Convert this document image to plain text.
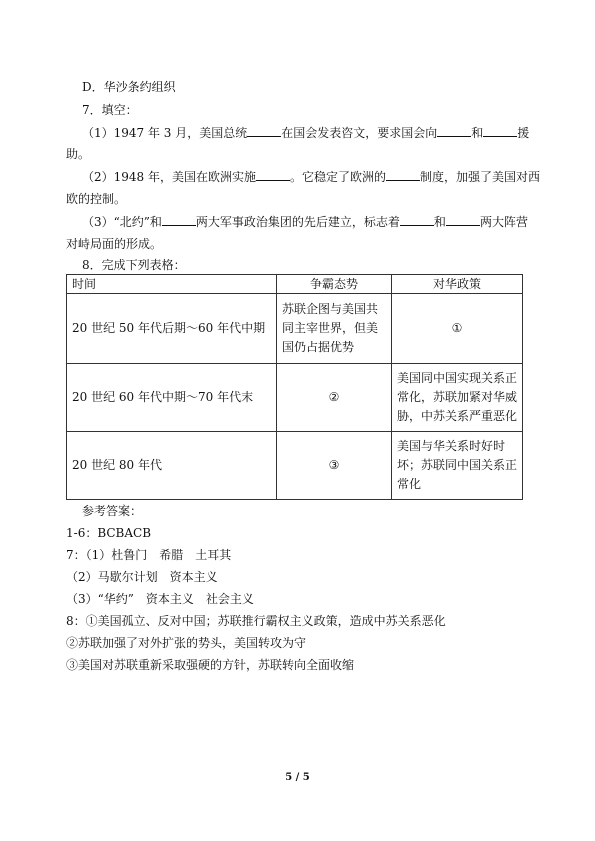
D．华沙条约组织
7．填空：
（1）1947 年 3 月，美国总统	在国会发表咨文，要求国会向	和	援
助。
（2）1948 年，美国在欧洲实施	。它稳定了欧洲的	制度，加强了美国对西
欧的控制。
（3）“北约”和	两大军事政治集团的先后建立，标志着	和	两大阵营
对峙局面的形成。
8．完成下列表格：
时间	争霸态势	对华政策
20 世纪 50 年代后期～60 年代中期	苏联企图与美国共同主宰世界，但美国仍占据优势	①
20 世纪 60 年代中期～70 年代末	②	美国同中国实现关系正常化，苏联加紧对华威胁，中苏关系严重恶化
20 世纪 80 年代	③	美国与华关系时好时坏；苏联同中国关系正常化
参考答案：
1-6：BCBACB
7：（1）杜鲁门　希腊　土耳其
（2）马歇尔计划　资本主义
（3）“华约”　资本主义　社会主义
8：①美国孤立、反对中国；苏联推行霸权主义政策，造成中苏关系恶化
②苏联加强了对外扩张的势头，美国转攻为守
③美国对苏联重新采取强硬的方针，苏联转向全面收缩
5 / 5
